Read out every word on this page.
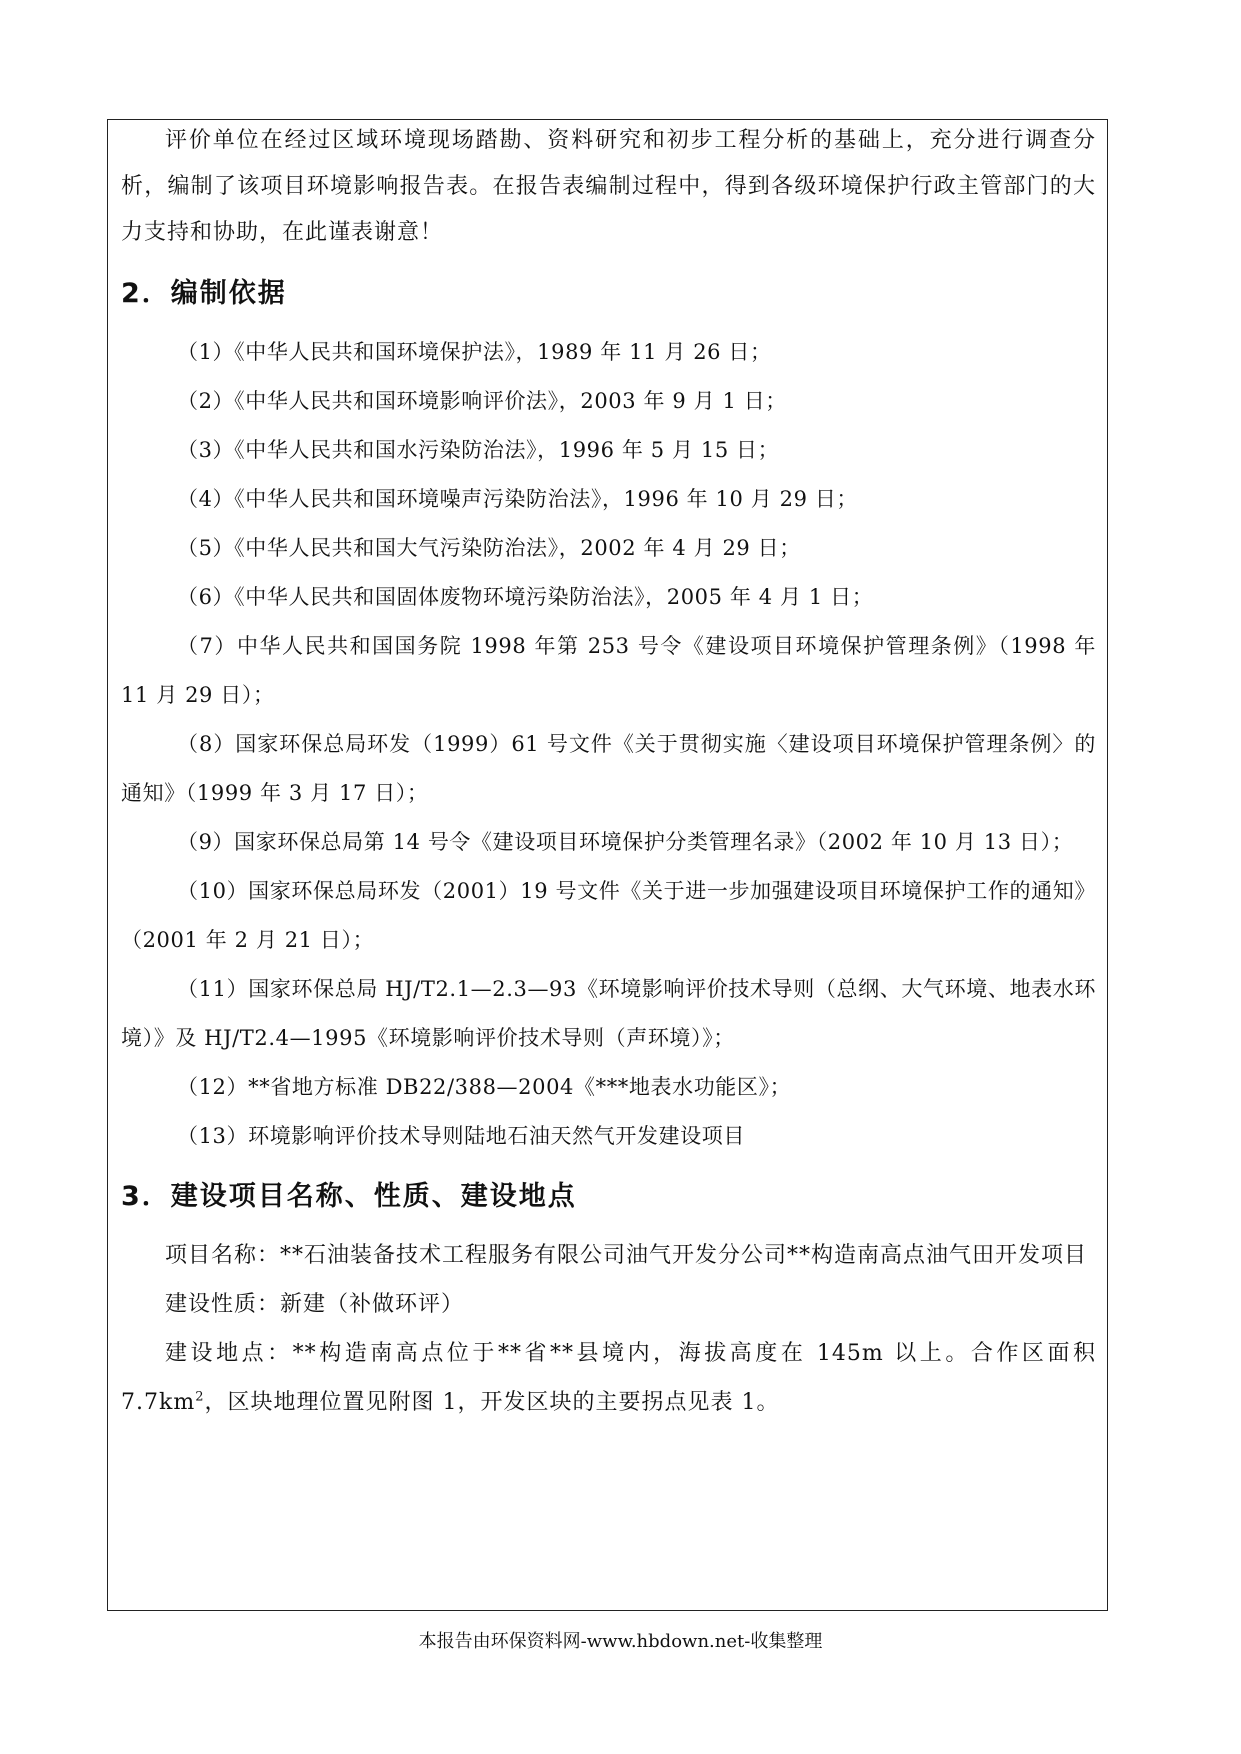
评价单位在经过区域环境现场踏勘、资料研究和初步工程分析的基础上，充分进行调查分析，编制了该项目环境影响报告表。在报告表编制过程中，得到各级环境保护行政主管部门的大力支持和协助，在此谨表谢意！

2．编制依据

（1）《中华人民共和国环境保护法》，1989 年 11 月 26 日；

（2）《中华人民共和国环境影响评价法》，2003 年 9 月 1 日；

（3）《中华人民共和国水污染防治法》，1996 年 5 月 15 日；

（4）《中华人民共和国环境噪声污染防治法》，1996 年 10 月 29 日；

（5）《中华人民共和国大气污染防治法》，2002 年 4 月 29 日；

（6）《中华人民共和国固体废物环境污染防治法》，2005 年 4 月 1 日；

（7）中华人民共和国国务院 1998 年第 253 号令《建设项目环境保护管理条例》（1998 年 11 月 29 日）；

（8）国家环保总局环发（1999）61 号文件《关于贯彻实施〈建设项目环境保护管理条例〉的通知》（1999 年 3 月 17 日）；

（9）国家环保总局第 14 号令《建设项目环境保护分类管理名录》（2002 年 10 月 13 日）；

（10）国家环保总局环发（2001）19 号文件《关于进一步加强建设项目环境保护工作的通知》（2001 年 2 月 21 日）；

（11）国家环保总局 HJ/T2.1—2.3—93《环境影响评价技术导则（总纲、大气环境、地表水环境）》及 HJ/T2.4—1995《环境影响评价技术导则（声环境）》；

（12）**省地方标准 DB22/388—2004《***地表水功能区》；

（13）环境影响评价技术导则陆地石油天然气开发建设项目

3．建设项目名称、性质、建设地点

项目名称：**石油装备技术工程服务有限公司油气开发分公司**构造南高点油气田开发项目

建设性质：新建（补做环评）

建设地点：**构造南高点位于**省**县境内，海拔高度在 145m 以上。合作区面积 $7.7km^2$，区块地理位置见附图 1，开发区块的主要拐点见表 1。

本报告由环保资料网-www.hbdown.net-收集整理
